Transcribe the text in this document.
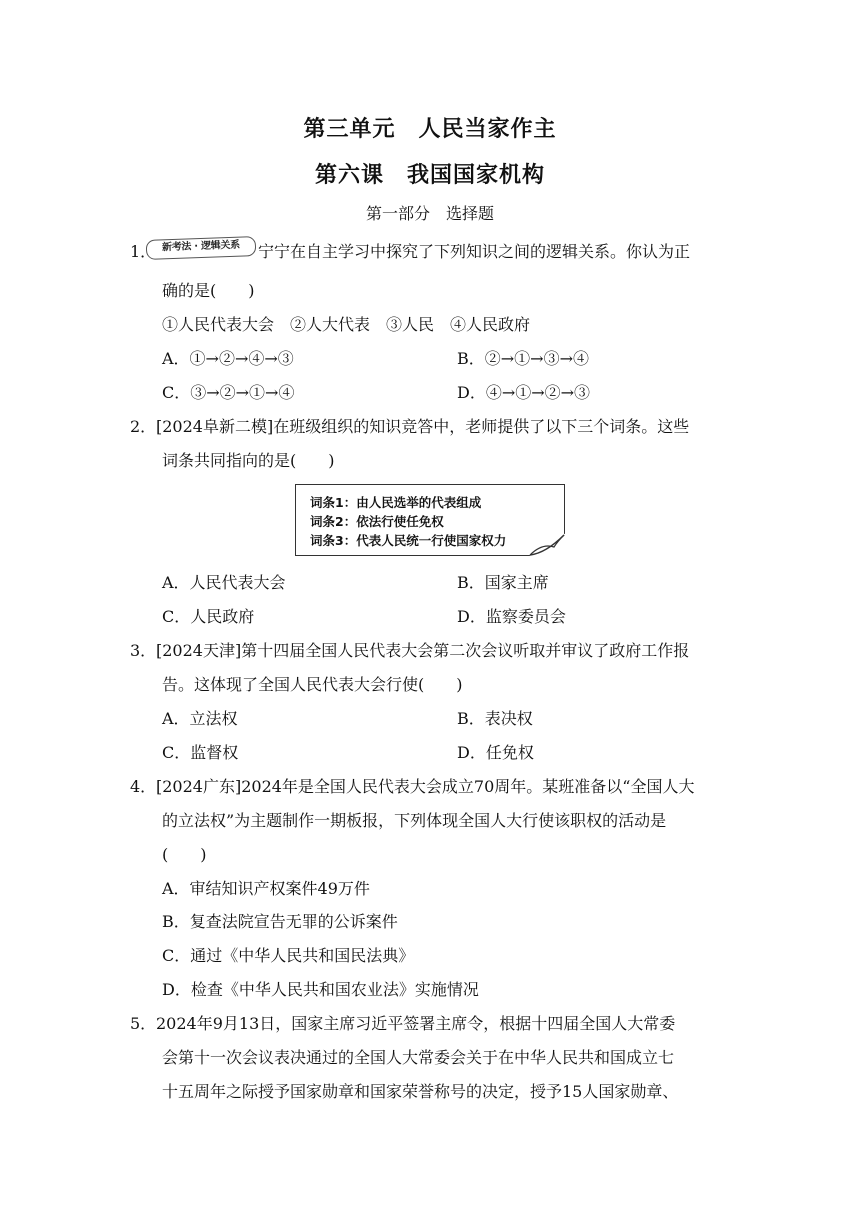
第三单元　人民当家作主
第六课　我国国家机构
第一部分　选择题
1． 新考法 · 逻辑关系	宁宁在自主学习中探究了下列知识之间的逻辑关系。你认为正
确的是(　　)
①人民代表大会　②人大代表　③人民　④人民政府
A．①→②→④→③	B．②→①→③→④
C．③→②→①→④	D．④→①→②→③
2． [2024阜新二模]在班级组织的知识竞答中，老师提供了以下三个词条。这些
词条共同指向的是(　　)
词条1：由人民选举的代表组成
词条2：依法行使任免权
词条3：代表人民统一行使国家权力
A．人民代表大会	B．国家主席
C．人民政府	D．监察委员会
3． [2024天津]第十四届全国人民代表大会第二次会议听取并审议了政府工作报
告。这体现了全国人民代表大会行使(　　)
A．立法权	B．表决权
C．监督权	D．任免权
4． [2024广东]2024年是全国人民代表大会成立70周年。某班准备以“全国人大
的立法权”为主题制作一期板报，下列体现全国人大行使该职权的活动是
(　　)
A．审结知识产权案件49万件
B．复查法院宣告无罪的公诉案件
C．通过《中华人民共和国民法典》
D．检查《中华人民共和国农业法》实施情况
5． 2024年9月13日，国家主席习近平签署主席令，根据十四届全国人大常委
会第十一次会议表决通过的全国人大常委会关于在中华人民共和国成立七
十五周年之际授予国家勋章和国家荣誉称号的决定，授予15人国家勋章、
